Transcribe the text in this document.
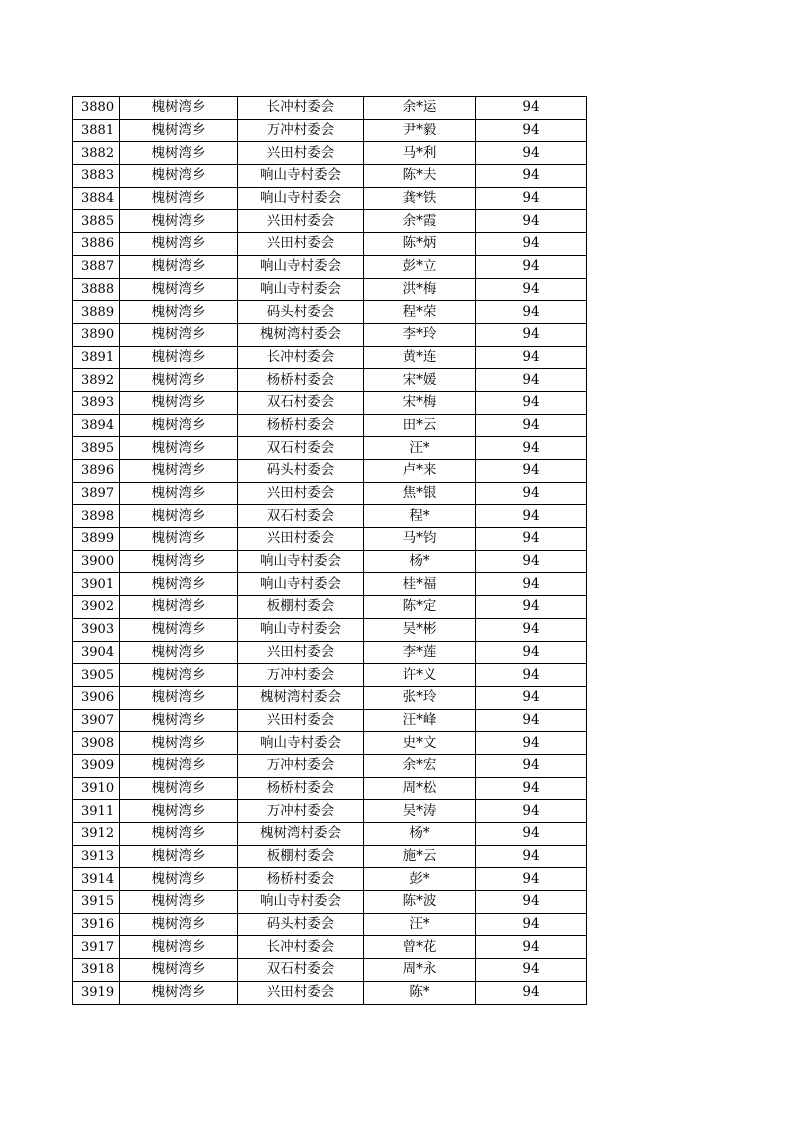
3880	槐树湾乡	长冲村委会	余*运	94
3881	槐树湾乡	万冲村委会	尹*毅	94
3882	槐树湾乡	兴田村委会	马*利	94
3883	槐树湾乡	响山寺村委会	陈*夫	94
3884	槐树湾乡	响山寺村委会	龚*铁	94
3885	槐树湾乡	兴田村委会	余*霞	94
3886	槐树湾乡	兴田村委会	陈*炳	94
3887	槐树湾乡	响山寺村委会	彭*立	94
3888	槐树湾乡	响山寺村委会	洪*梅	94
3889	槐树湾乡	码头村委会	程*荣	94
3890	槐树湾乡	槐树湾村委会	李*玲	94
3891	槐树湾乡	长冲村委会	黄*连	94
3892	槐树湾乡	杨桥村委会	宋*媛	94
3893	槐树湾乡	双石村委会	宋*梅	94
3894	槐树湾乡	杨桥村委会	田*云	94
3895	槐树湾乡	双石村委会	汪*	94
3896	槐树湾乡	码头村委会	卢*来	94
3897	槐树湾乡	兴田村委会	焦*银	94
3898	槐树湾乡	双石村委会	程*	94
3899	槐树湾乡	兴田村委会	马*钧	94
3900	槐树湾乡	响山寺村委会	杨*	94
3901	槐树湾乡	响山寺村委会	桂*福	94
3902	槐树湾乡	板棚村委会	陈*定	94
3903	槐树湾乡	响山寺村委会	吴*彬	94
3904	槐树湾乡	兴田村委会	李*莲	94
3905	槐树湾乡	万冲村委会	许*义	94
3906	槐树湾乡	槐树湾村委会	张*玲	94
3907	槐树湾乡	兴田村委会	汪*峰	94
3908	槐树湾乡	响山寺村委会	史*文	94
3909	槐树湾乡	万冲村委会	余*宏	94
3910	槐树湾乡	杨桥村委会	周*松	94
3911	槐树湾乡	万冲村委会	吴*涛	94
3912	槐树湾乡	槐树湾村委会	杨*	94
3913	槐树湾乡	板棚村委会	施*云	94
3914	槐树湾乡	杨桥村委会	彭*	94
3915	槐树湾乡	响山寺村委会	陈*波	94
3916	槐树湾乡	码头村委会	汪*	94
3917	槐树湾乡	长冲村委会	曾*花	94
3918	槐树湾乡	双石村委会	周*永	94
3919	槐树湾乡	兴田村委会	陈*	94
